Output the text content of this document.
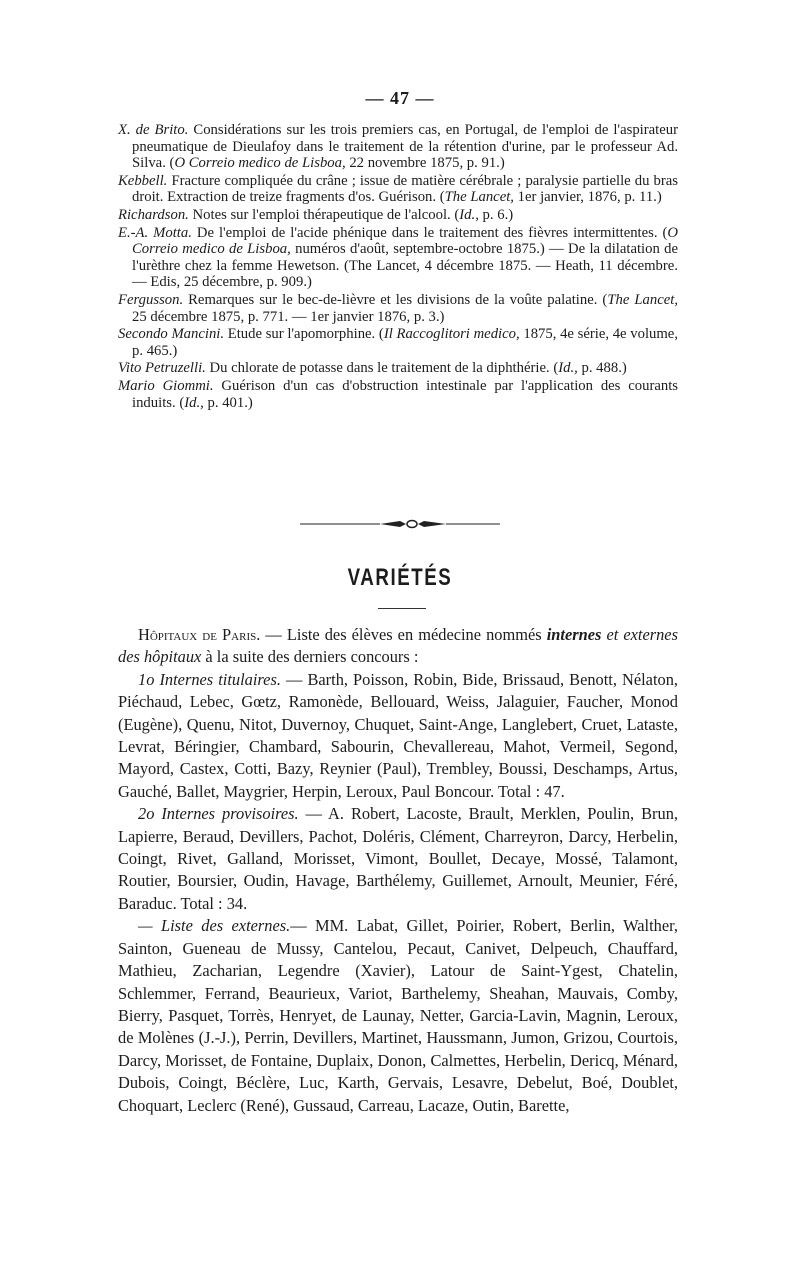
— 47 —

X. de Brito. Considérations sur les trois premiers cas, en Portugal, de l'emploi de l'aspirateur pneumatique de Dieulafoy dans le traitement de la rétention d'urine, par le professeur Ad. Silva. (O Correio medico de Lisboa, 22 novembre 1875, p. 91.)

Kebbell. Fracture compliquée du crâne ; issue de matière cérébrale ; paralysie partielle du bras droit. Extraction de treize fragments d'os. Guérison. (The Lancet, 1er janvier, 1876, p. 11.)

Richardson. Notes sur l'emploi thérapeutique de l'alcool. (Id., p. 6.)

E.-A. Motta. De l'emploi de l'acide phénique dans le traitement des fièvres intermittentes. (O Correio medico de Lisboa, numéros d'août, septembre-octobre 1875.) — De la dilatation de l'urèthre chez la femme Hewetson. (The Lancet, 4 décembre 1875. — Heath, 11 décembre. — Edis, 25 décembre, p. 909.)

Fergusson. Remarques sur le bec-de-lièvre et les divisions de la voûte palatine. (The Lancet, 25 décembre 1875, p. 771. — 1er janvier 1876, p. 3.)

Secondo Mancini. Etude sur l'apomorphine. (Il Raccoglitori medico, 1875, 4e série, 4e volume, p. 465.)

Vito Petruzelli. Du chlorate de potasse dans le traitement de la diphthérie. (Id., p. 488.)

Mario Giommi. Guérison d'un cas d'obstruction intestinale par l'application des courants induits. (Id., p. 401.)

VARIÉTÉS

Hôpitaux de Paris. — Liste des élèves en médecine nommés internes et externes des hôpitaux à la suite des derniers concours :

1o Internes titulaires. — Barth, Poisson, Robin, Bide, Brissaud, Benott, Nélaton, Piéchaud, Lebec, Gœtz, Ramonède, Bellouard, Weiss, Jalaguier, Faucher, Monod (Eugène), Quenu, Nitot, Duvernoy, Chuquet, Saint-Ange, Langlebert, Cruet, Lataste, Levrat, Béringier, Chambard, Sabourin, Chevallereau, Mahot, Vermeil, Segond, Mayord, Castex, Cotti, Bazy, Reynier (Paul), Trembley, Boussi, Deschamps, Artus, Gauché, Ballet, Maygrier, Herpin, Leroux, Paul Boncour. Total : 47.

2o Internes provisoires. — A. Robert, Lacoste, Brault, Merklen, Poulin, Brun, Lapierre, Beraud, Devillers, Pachot, Doléris, Clément, Charreyron, Darcy, Herbelin, Coingt, Rivet, Galland, Morisset, Vimont, Boullet, Decaye, Mossé, Talamont, Routier, Boursier, Oudin, Havage, Barthélemy, Guillemet, Arnoult, Meunier, Féré, Baraduc. Total : 34.

— Liste des externes.— MM. Labat, Gillet, Poirier, Robert, Berlin, Walther, Sainton, Gueneau de Mussy, Cantelou, Pecaut, Canivet, Delpeuch, Chauffard, Mathieu, Zacharian, Legendre (Xavier), Latour de Saint-Ygest, Chatelin, Schlemmer, Ferrand, Beaurieux, Variot, Barthelemy, Sheahan, Mauvais, Comby, Bierry, Pasquet, Torrès, Henryet, de Launay, Netter, Garcia-Lavin, Magnin, Leroux, de Molènes (J.-J.), Perrin, Devillers, Martinet, Haussmann, Jumon, Grizou, Courtois, Darcy, Morisset, de Fontaine, Duplaix, Donon, Calmettes, Herbelin, Dericq, Ménard, Dubois, Coingt, Béclère, Luc, Karth, Gervais, Lesavre, Debelut, Boé, Doublet, Choquart, Leclerc (René), Gussaud, Carreau, Lacaze, Outin, Barette,
